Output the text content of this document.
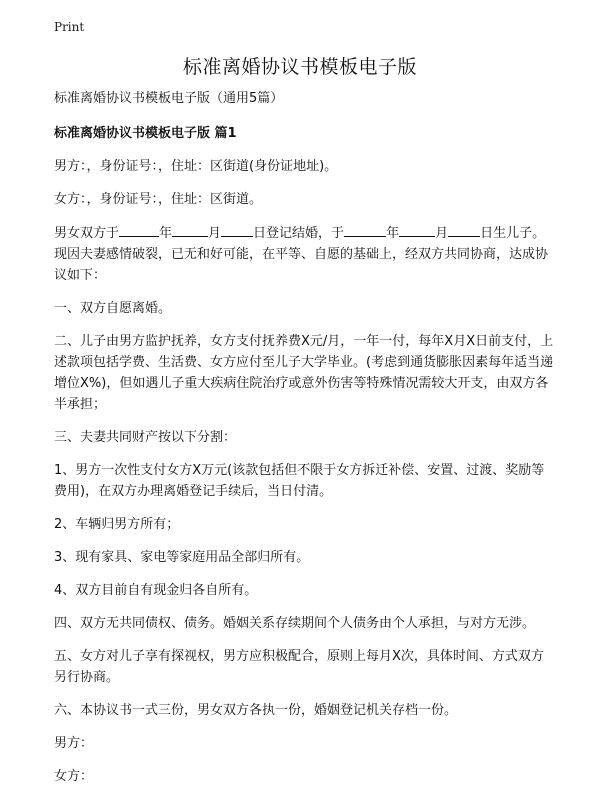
Print
标准离婚协议书模板电子版

标准离婚协议书模板电子版（通用5篇）

标准离婚协议书模板电子版 篇1

男方：，身份证号：，住址：区街道(身份证地址)。

女方：，身份证号：，住址：区街道。

男女双方于	年	月 日登记结婚，于	年	月 日生儿子。现因夫妻感情破裂，已无和好可能，在平等、自愿的基础上，经双方共同协商，达成协议如下：

一、双方自愿离婚。

二、儿子由男方监护抚养，女方支付抚养费X元/月，一年一付，每年X月X日前支付，上述款项包括学费、生活费、女方应付至儿子大学毕业。(考虑到通货膨胀因素每年适当递增位X%)，但如遇儿子重大疾病住院治疗或意外伤害等特殊情况需较大开支，由双方各半承担；

三、夫妻共同财产按以下分割：

1、男方一次性支付女方X万元(该款包括但不限于女方拆迁补偿、安置、过渡、奖励等费用)，在双方办理离婚登记手续后，当日付清。

2、车辆归男方所有；

3、现有家具、家电等家庭用品全部归所有。

4、双方目前自有现金归各自所有。

四、双方无共同债权、债务。婚姻关系存续期间个人债务由个人承担，与对方无涉。

五、女方对儿子享有探视权，男方应积极配合，原则上每月X次，具体时间、方式双方另行协商。

六、本协议书一式三份，男女双方各执一份，婚姻登记机关存档一份。

男方：

女方：
